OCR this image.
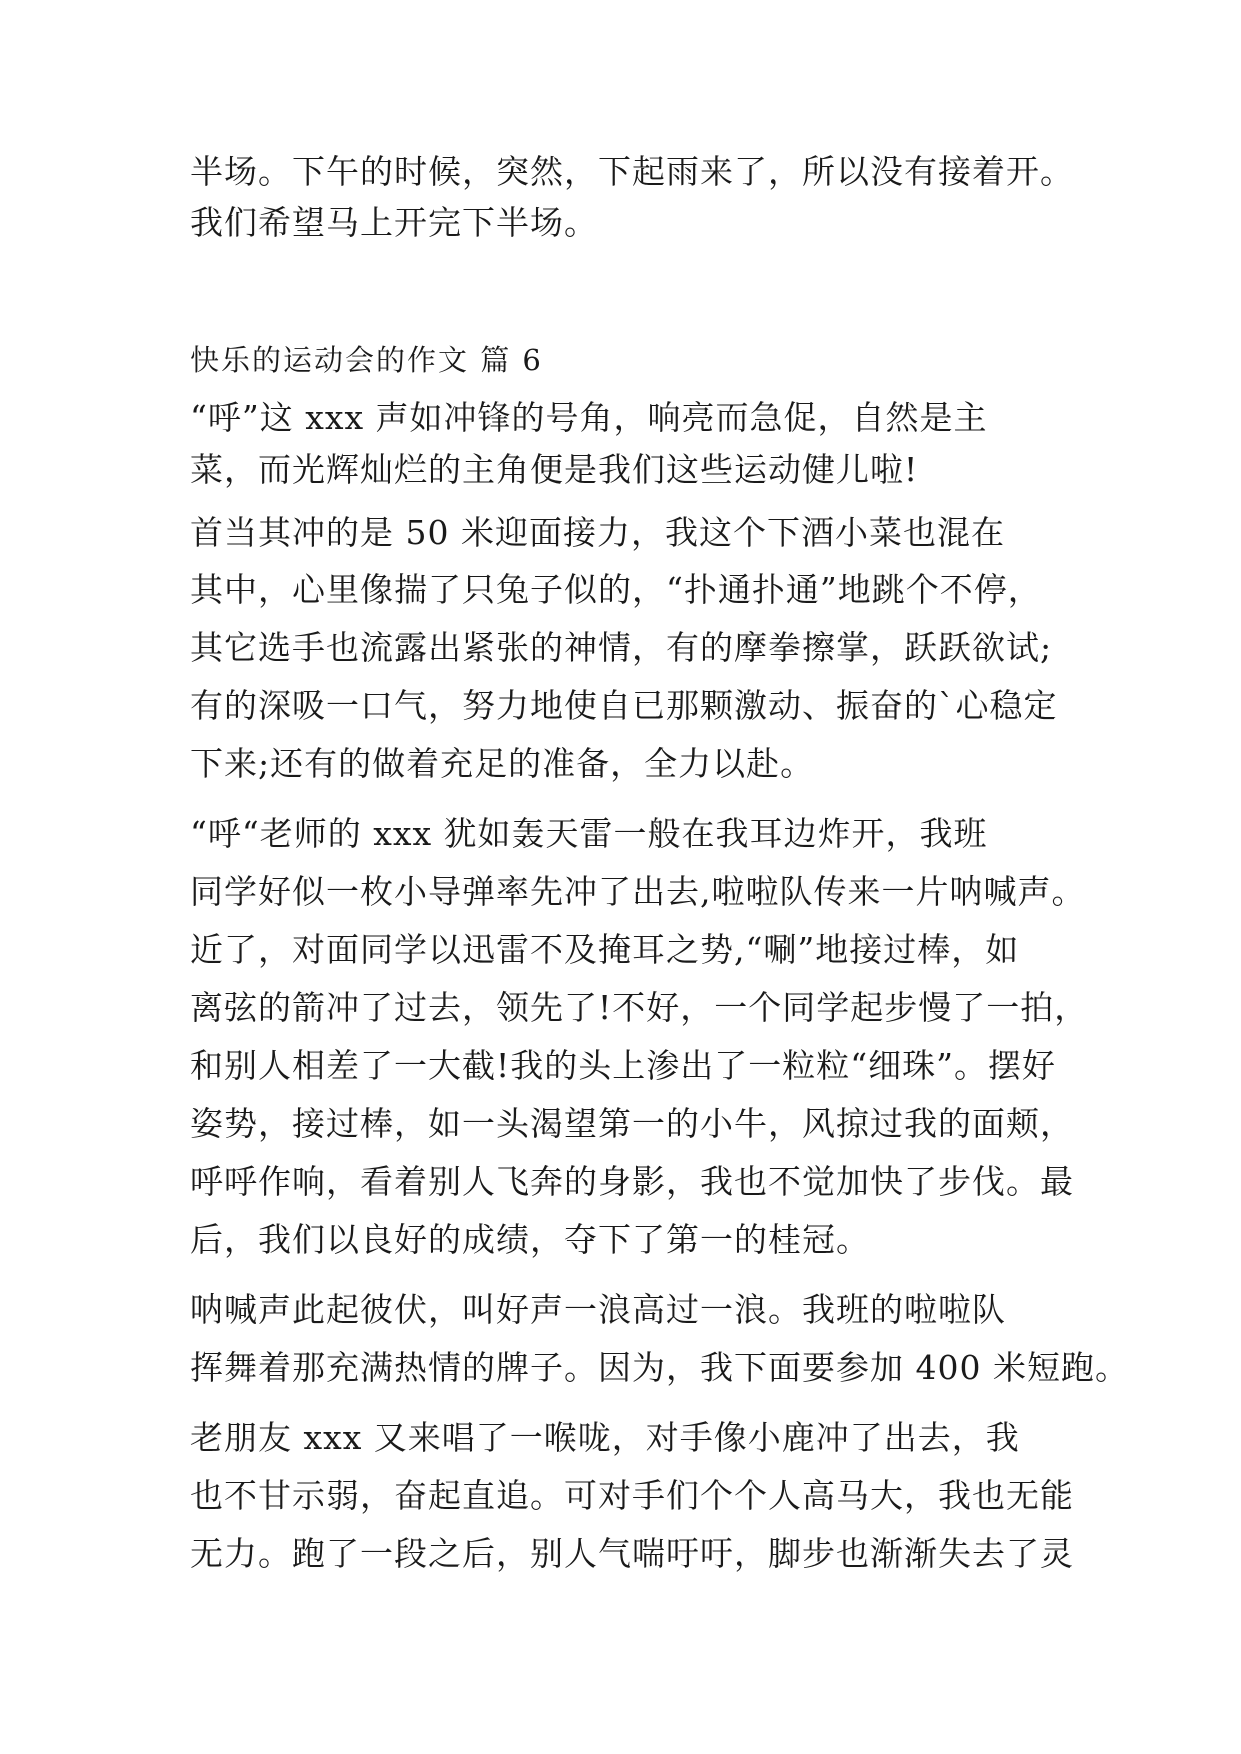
半场。下午的时候，突然，下起雨来了，所以没有接着开。
我们希望马上开完下半场。
快乐的运动会的作文 篇 6
“呼”这 xxx 声如冲锋的号角，响亮而急促，自然是主
菜，而光辉灿烂的主角便是我们这些运动健儿啦!
首当其冲的是 50 米迎面接力，我这个下酒小菜也混在
其中，心里像揣了只兔子似的，“扑通扑通”地跳个不停，
其它选手也流露出紧张的神情，有的摩拳擦掌，跃跃欲试;
有的深吸一口气，努力地使自已那颗激动、振奋的`心稳定
下来;还有的做着充足的准备，全力以赴。
“呼“老师的 xxx 犹如轰天雷一般在我耳边炸开，我班
同学好似一枚小导弹率先冲了出去,啦啦队传来一片呐喊声。
近了，对面同学以迅雷不及掩耳之势,“唰”地接过棒，如
离弦的箭冲了过去，领先了!不好，一个同学起步慢了一拍，
和别人相差了一大截!我的头上渗出了一粒粒“细珠”。摆好
姿势，接过棒，如一头渴望第一的小牛，风掠过我的面颊，
呼呼作响，看着别人飞奔的身影，我也不觉加快了步伐。最
后，我们以良好的成绩，夺下了第一的桂冠。
呐喊声此起彼伏，叫好声一浪高过一浪。我班的啦啦队
挥舞着那充满热情的牌子。因为，我下面要参加 400 米短跑。
老朋友 xxx 又来唱了一喉咙，对手像小鹿冲了出去，我
也不甘示弱，奋起直追。可对手们个个人高马大，我也无能
无力。跑了一段之后，别人气喘吁吁，脚步也渐渐失去了灵
